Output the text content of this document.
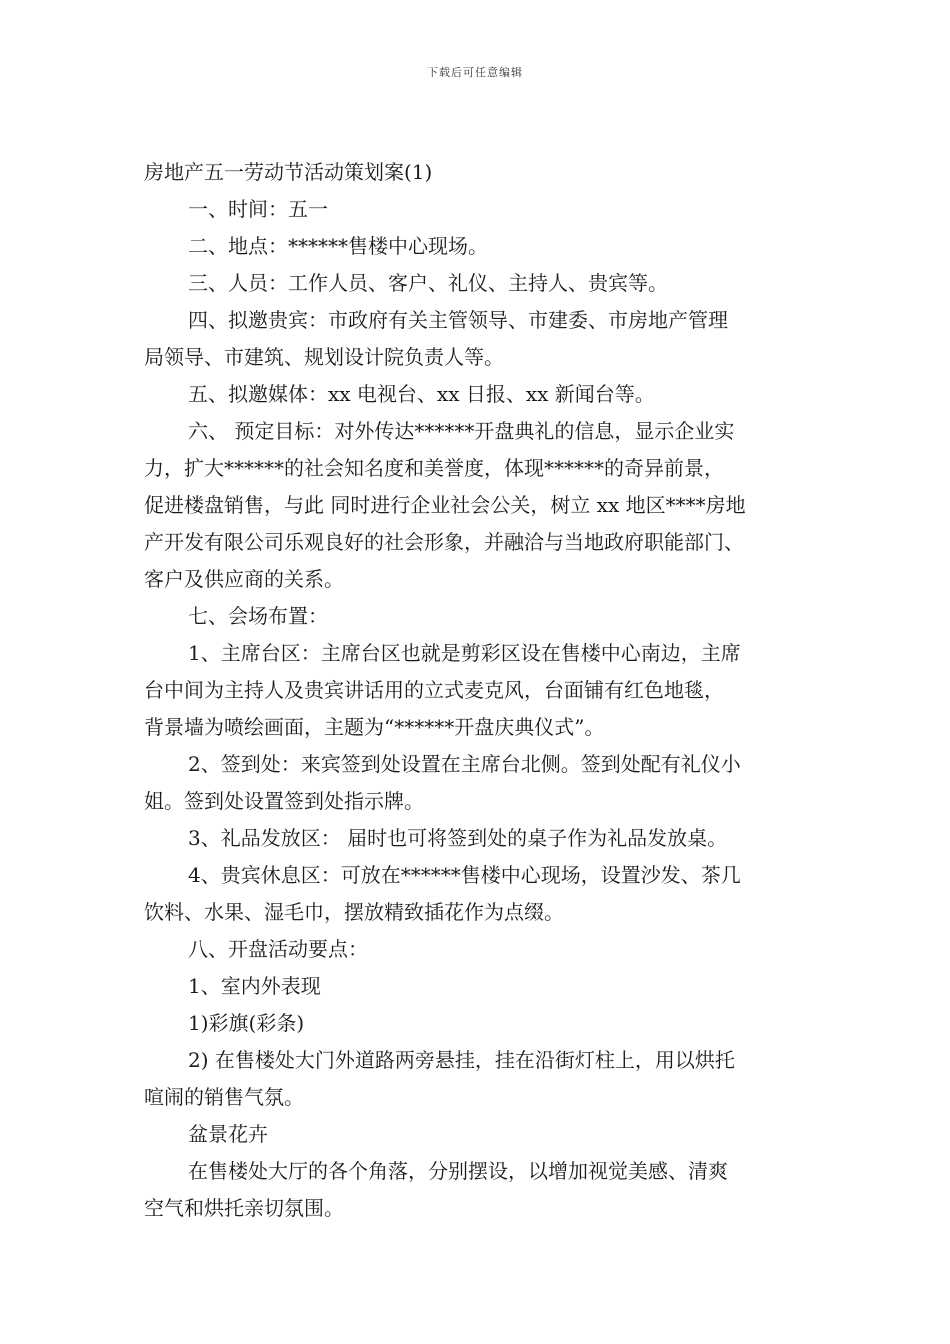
下载后可任意编辑

房地产五一劳动节活动策划案(1)

一、时间：五一

二、地点：******售楼中心现场。

三、人员：工作人员、客户、礼仪、主持人、贵宾等。

四、拟邀贵宾：市政府有关主管领导、市建委、市房地产管理

局领导、市建筑、规划设计院负责人等。

五、拟邀媒体：xx 电视台、xx 日报、xx 新闻台等。

六、 预定目标：对外传达******开盘典礼的信息，显示企业实

力，扩大******的社会知名度和美誉度，体现******的奇异前景，

促进楼盘销售，与此 同时进行企业社会公关，树立 xx 地区****房地

产开发有限公司乐观良好的社会形象，并融洽与当地政府职能部门、

客户及供应商的关系。

七、会场布置：

1、主席台区：主席台区也就是剪彩区设在售楼中心南边，主席

台中间为主持人及贵宾讲话用的立式麦克风，台面铺有红色地毯，

背景墙为喷绘画面，主题为“******开盘庆典仪式”。

2、签到处：来宾签到处设置在主席台北侧。签到处配有礼仪小

姐。签到处设置签到处指示牌。

3、礼品发放区： 届时也可将签到处的桌子作为礼品发放桌。

4、贵宾休息区：可放在******售楼中心现场，设置沙发、茶几

饮料、水果、湿毛巾，摆放精致插花作为点缀。

八、开盘活动要点：

1、室内外表现

1)彩旗(彩条)

2) 在售楼处大门外道路两旁悬挂，挂在沿街灯柱上，用以烘托

喧闹的销售气氛。

盆景花卉

在售楼处大厅的各个角落，分别摆设，以增加视觉美感、清爽

空气和烘托亲切氛围。
